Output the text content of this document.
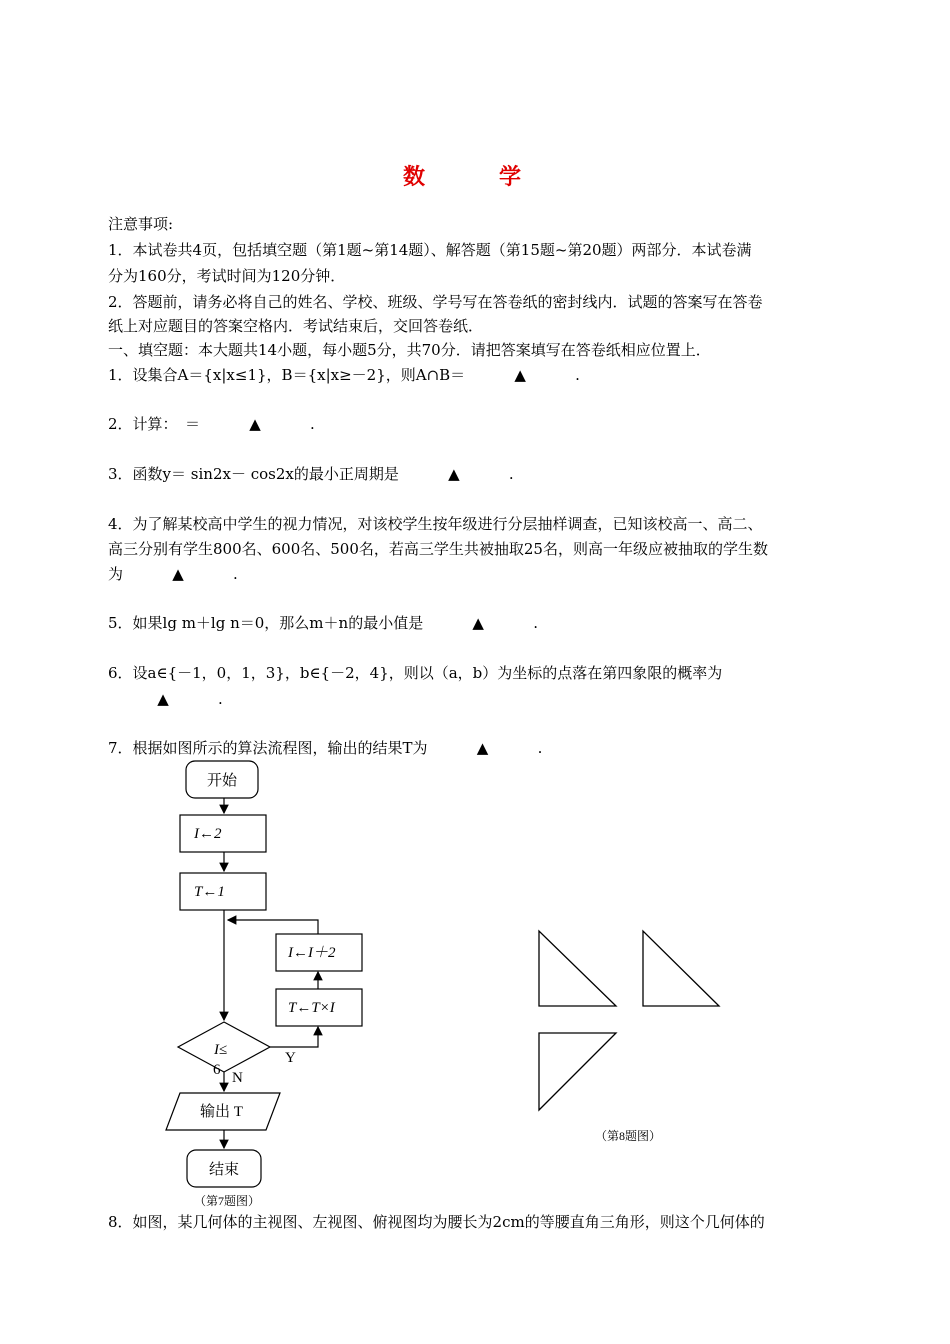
数　学
注意事项:
1．本试卷共4页，包括填空题（第1题~第14题）、解答题（第15题~第20题）两部分．本试卷满
分为160分，考试时间为120分钟．
2．答题前，请务必将自己的姓名、学校、班级、学号写在答卷纸的密封线内．试题的答案写在答卷
纸上对应题目的答案空格内．考试结束后，交回答卷纸．
一、填空题：本大题共14小题，每小题5分，共70分．请把答案填写在答卷纸相应位置上．
1．设集合A＝{x|x≤1}，B＝{x|x≥－2}，则A∩B＝	▲	.
2．计算：　＝	▲	.
3．函数y＝ sin2x－ cos2x的最小正周期是	▲	.
4．为了解某校高中学生的视力情况，对该校学生按年级进行分层抽样调查，已知该校高一、高二、
高三分别有学生800名、600名、500名，若高三学生共被抽取25名，则高一年级应被抽取的学生数
为	▲	.
5．如果lg m＋lg n＝0，那么m＋n的最小值是	▲	.
6．设a∈{－1，0，1，3}，b∈{－2，4}，则以（a，b）为坐标的点落在第四象限的概率为
▲	.
7．根据如图所示的算法流程图，输出的结果T为	▲	.
开始
I←2
T←1
I←I＋2
T←T×I
I≤
6
Y
N
输出 T
结束
（第7题图）
（第8题图）
8．如图，某几何体的主视图、左视图、俯视图均为腰长为2cm的等腰直角三角形，则这个几何体的
